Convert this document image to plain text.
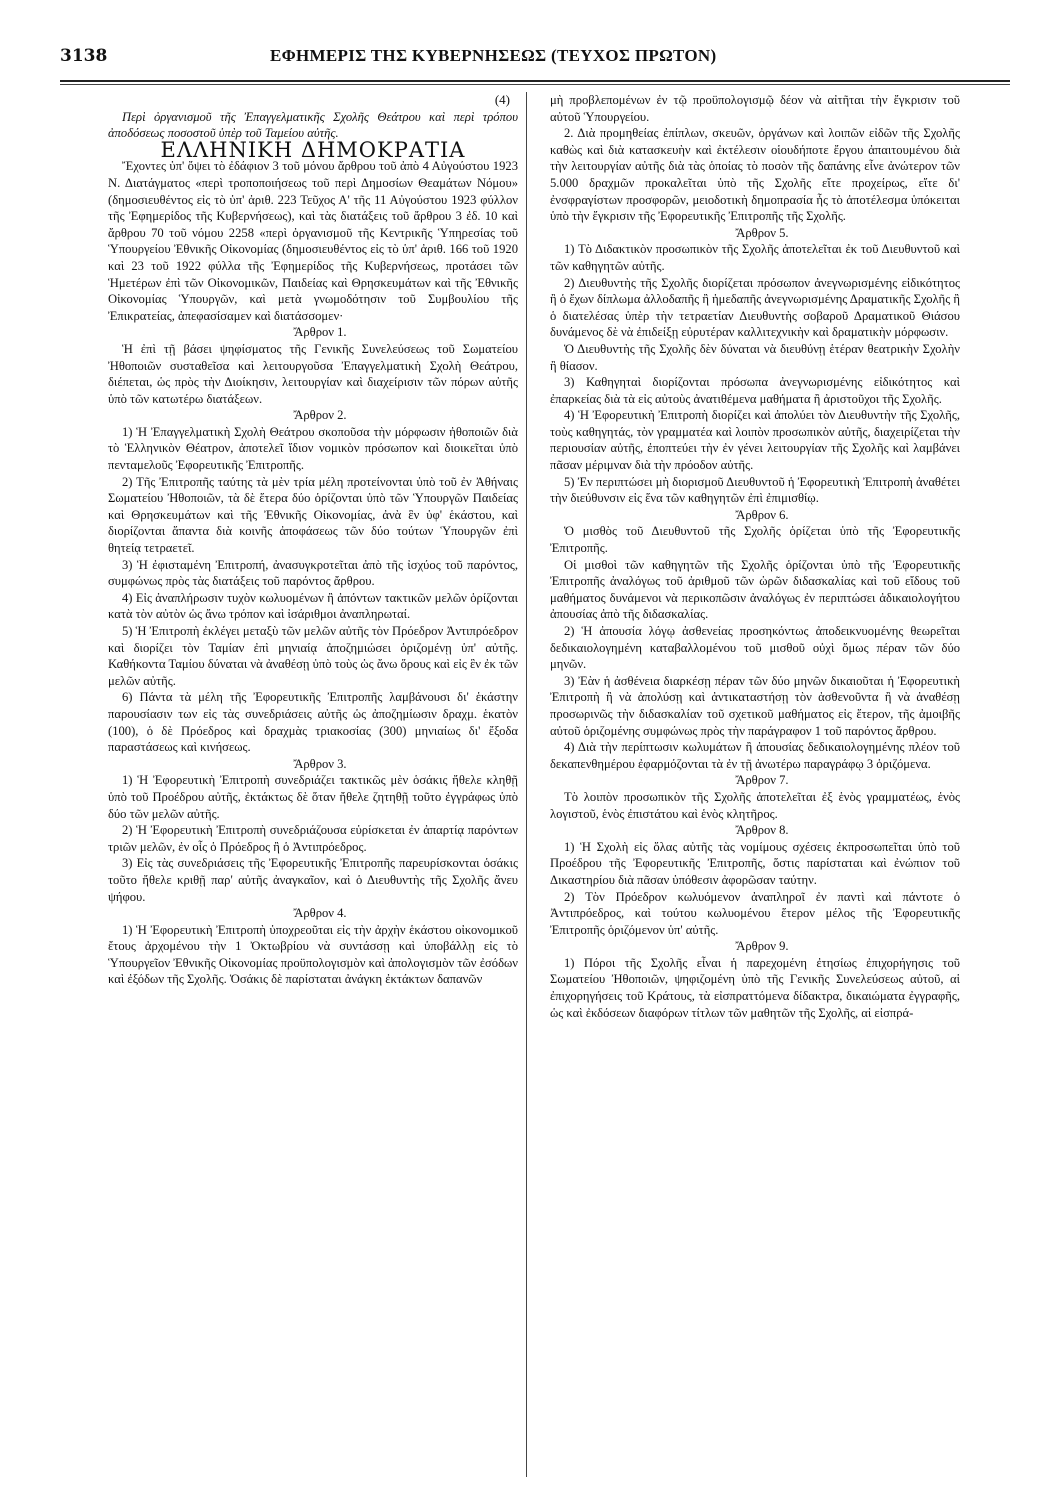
3138	ΕΦΗΜΕΡΙΣ ΤΗΣ ΚΥΒΕΡΝΗΣΕΩΣ (ΤΕΥΧΟΣ ΠΡΩΤΟΝ)

(4)

Περὶ ὀργανισμοῦ τῆς Ἐπαγγελματικῆς Σχολῆς Θεάτρου καὶ περὶ τρόπου ἀποδόσεως ποσοστοῦ ὑπὲρ τοῦ Ταμείου αὐτῆς.

ΕΛΛΗΝΙΚΗ ΔΗΜΟΚΡΑΤΙΑ

Ἔχοντες ὑπ' ὄψει τὸ ἐδάφιον 3 τοῦ μόνου ἄρθρου τοῦ ἀπὸ 4 Αὐγούστου 1923 Ν. Διατάγματος «περὶ τροποποιήσεως τοῦ περὶ Δημοσίων Θεαμάτων Νόμου» (δημοσιευθέντος εἰς τὸ ὑπ' ἀριθ. 223 Τεῦχος Α' τῆς 11 Αὐγούστου 1923 φύλλον τῆς Ἐφημερίδος τῆς Κυβερνήσεως), καὶ τὰς διατάξεις τοῦ ἄρθρου 3 ἐδ. 10 καὶ ἄρθρου 70 τοῦ νόμου 2258 «περὶ ὀργανισμοῦ τῆς Κεντρικῆς Ὑπηρεσίας τοῦ Ὑπουργείου Ἐθνικῆς Οἰκονομίας (δημοσιευθέντος εἰς τὸ ὑπ' ἀριθ. 166 τοῦ 1920 καὶ 23 τοῦ 1922 φύλλα τῆς Ἐφημερίδος τῆς Κυβερνήσεως, προτάσει τῶν Ἡμετέρων ἐπὶ τῶν Οἰκονομικῶν, Παιδείας καὶ Θρησκευμάτων καὶ τῆς Ἐθνικῆς Οἰκονομίας Ὑπουργῶν, καὶ μετὰ γνωμοδότησιν τοῦ Συμβουλίου τῆς Ἐπικρατείας, ἀπεφασίσαμεν καὶ διατάσσομεν·

Ἄρθρον 1.

Ἡ ἐπὶ τῇ βάσει ψηφίσματος τῆς Γενικῆς Συνελεύσεως τοῦ Σωματείου Ἠθοποιῶν συσταθεῖσα καὶ λειτουργοῦσα Ἐπαγγελματικὴ Σχολὴ Θεάτρου, διέπεται, ὡς πρὸς τὴν Διοίκησιν, λειτουργίαν καὶ διαχείρισιν τῶν πόρων αὐτῆς ὑπὸ τῶν κατωτέρω διατάξεων.

Ἄρθρον 2.

1) Ἡ Ἐπαγγελματικὴ Σχολὴ Θεάτρου σκοποῦσα τὴν μόρφωσιν ἠθοποιῶν διὰ τὸ Ἑλληνικὸν Θέατρον, ἀποτελεῖ ἴδιον νομικὸν πρόσωπον καὶ διοικεῖται ὑπὸ πενταμελοῦς Ἐφορευτικῆς Ἐπιτροπῆς.

2) Τῆς Ἐπιτροπῆς ταύτης τὰ μὲν τρία μέλη προτείνονται ὑπὸ τοῦ ἐν Ἀθήναις Σωματείου Ἠθοποιῶν, τὰ δὲ ἕτερα δύο ὁρίζονται ὑπὸ τῶν Ὑπουργῶν Παιδείας καὶ Θρησκευμάτων καὶ τῆς Ἐθνικῆς Οἰκονομίας, ἀνὰ ἓν ὑφ' ἑκάστου, καὶ διορίζονται ἅπαντα διὰ κοινῆς ἀποφάσεως τῶν δύο τούτων Ὑπουργῶν ἐπὶ θητείᾳ τετραετεῖ.

3) Ἡ ἐφισταμένη Ἐπιτροπή, ἀνασυγκροτεῖται ἀπὸ τῆς ἰσχύος τοῦ παρόντος, συμφώνως πρὸς τὰς διατάξεις τοῦ παρόντος ἄρθρου.

4) Εἰς ἀναπλήρωσιν τυχὸν κωλυομένων ἢ ἀπόντων τακτικῶν μελῶν ὁρίζονται κατὰ τὸν αὐτὸν ὡς ἄνω τρόπον καὶ ἰσάριθμοι ἀναπληρωταί.

5) Ἡ Ἐπιτροπὴ ἐκλέγει μεταξὺ τῶν μελῶν αὐτῆς τὸν Πρόεδρον Ἀντιπρόεδρον καὶ διορίζει τὸν Ταμίαν ἐπὶ μηνιαίᾳ ἀποζημιώσει ὁριζομένῃ ὑπ' αὐτῆς. Καθήκοντα Ταμίου δύναται νὰ ἀναθέσῃ ὑπὸ τοὺς ὡς ἄνω ὅρους καὶ εἰς ἓν ἐκ τῶν μελῶν αὐτῆς.

6) Πάντα τὰ μέλη τῆς Ἐφορευτικῆς Ἐπιτροπῆς λαμβάνουσι δι' ἑκάστην παρουσίασιν των εἰς τὰς συνεδριάσεις αὐτῆς ὡς ἀποζημίωσιν δραχμ. ἑκατὸν (100), ὁ δὲ Πρόεδρος καὶ δραχμὰς τριακοσίας (300) μηνιαίως δι' ἔξοδα παραστάσεως καὶ κινήσεως.

Ἄρθρον 3.

1) Ἡ Ἐφορευτικὴ Ἐπιτροπὴ συνεδριάζει τακτικῶς μὲν ὁσάκις ἤθελε κληθῇ ὑπὸ τοῦ Προέδρου αὐτῆς, ἐκτάκτως δὲ ὅταν ἤθελε ζητηθῇ τοῦτο ἐγγράφως ὑπὸ δύο τῶν μελῶν αὐτῆς.

2) Ἡ Ἐφορευτικὴ Ἐπιτροπὴ συνεδριάζουσα εὑρίσκεται ἐν ἀπαρτίᾳ παρόντων τριῶν μελῶν, ἐν οἷς ὁ Πρόεδρος ἢ ὁ Ἀντιπρόεδρος.

3) Εἰς τὰς συνεδριάσεις τῆς Ἐφορευτικῆς Ἐπιτροπῆς παρευρίσκονται ὁσάκις τοῦτο ἤθελε κριθῇ παρ' αὐτῆς ἀναγκαῖον, καὶ ὁ Διευθυντὴς τῆς Σχολῆς ἄνευ ψήφου.

Ἄρθρον 4.

1) Ἡ Ἐφορευτικὴ Ἐπιτροπὴ ὑποχρεοῦται εἰς τὴν ἀρχὴν ἑκάστου οἰκονομικοῦ ἔτους ἀρχομένου τὴν 1 Ὀκτωβρίου νὰ συντάσσῃ καὶ ὑποβάλλῃ εἰς τὸ Ὑπουργεῖον Ἐθνικῆς Οἰκονομίας προϋπολογισμὸν καὶ ἀπολογισμὸν τῶν ἐσόδων καὶ ἐξόδων τῆς Σχολῆς. Ὁσάκις δὲ παρίσταται ἀνάγκη ἐκτάκτων δαπανῶν

μὴ προβλεπομένων ἐν τῷ προϋπολογισμῷ δέον νὰ αἰτῆται τὴν ἔγκρισιν τοῦ αὐτοῦ Ὑπουργείου.

2. Διὰ προμηθείας ἐπίπλων, σκευῶν, ὀργάνων καὶ λοιπῶν εἰδῶν τῆς Σχολῆς καθὼς καὶ διὰ κατασκευὴν καὶ ἐκτέλεσιν οἱουδήποτε ἔργου ἀπαιτουμένου διὰ τὴν λειτουργίαν αὐτῆς διὰ τὰς ὁποίας τὸ ποσὸν τῆς δαπάνης εἶνε ἀνώτερον τῶν 5.000 δραχμῶν προκαλεῖται ὑπὸ τῆς Σχολῆς εἴτε προχείρως, εἴτε δι' ἐνσφραγίστων προσφορῶν, μειοδοτικὴ δημοπρασία ἧς τὸ ἀποτέλεσμα ὑπόκειται ὑπὸ τὴν ἔγκρισιν τῆς Ἐφορευτικῆς Ἐπιτροπῆς τῆς Σχολῆς.

Ἄρθρον 5.

1) Τὸ Διδακτικὸν προσωπικὸν τῆς Σχολῆς ἀποτελεῖται ἐκ τοῦ Διευθυντοῦ καὶ τῶν καθηγητῶν αὐτῆς.

2) Διευθυντὴς τῆς Σχολῆς διορίζεται πρόσωπον ἀνεγνωρισμένης εἰδικότητος ἢ ὁ ἔχων δίπλωμα ἀλλοδαπῆς ἢ ἡμεδαπῆς ἀνεγνωρισμένης Δραματικῆς Σχολῆς ἢ ὁ διατελέσας ὑπὲρ τὴν τετραετίαν Διευθυντὴς σοβαροῦ Δραματικοῦ Θιάσου δυνάμενος δὲ νὰ ἐπιδείξῃ εὐρυτέραν καλλιτεχνικὴν καὶ δραματικὴν μόρφωσιν.

Ὁ Διευθυντὴς τῆς Σχολῆς δὲν δύναται νὰ διευθύνῃ ἑτέραν θεατρικὴν Σχολὴν ἢ θίασον.

3) Καθηγηταὶ διορίζονται πρόσωπα ἀνεγνωρισμένης εἰδικότητος καὶ ἐπαρκείας διὰ τὰ εἰς αὐτοὺς ἀνατιθέμενα μαθήματα ἢ ἀριστοῦχοι τῆς Σχολῆς.

4) Ἡ Ἐφορευτικὴ Ἐπιτροπὴ διορίζει καὶ ἀπολύει τὸν Διευθυντὴν τῆς Σχολῆς, τοὺς καθηγητάς, τὸν γραμματέα καὶ λοιπὸν προσωπικὸν αὐτῆς, διαχειρίζεται τὴν περιουσίαν αὐτῆς, ἐποπτεύει τὴν ἐν γένει λειτουργίαν τῆς Σχολῆς καὶ λαμβάνει πᾶσαν μέριμναν διὰ τὴν πρόοδον αὐτῆς.

5) Ἐν περιπτώσει μὴ διορισμοῦ Διευθυντοῦ ἡ Ἐφορευτικὴ Ἐπιτροπὴ ἀναθέτει τὴν διεύθυνσιν εἰς ἕνα τῶν καθηγητῶν ἐπὶ ἐπιμισθίῳ.

Ἄρθρον 6.

Ὁ μισθὸς τοῦ Διευθυντοῦ τῆς Σχολῆς ὁρίζεται ὑπὸ τῆς Ἐφορευτικῆς Ἐπιτροπῆς.

Οἱ μισθοὶ τῶν καθηγητῶν τῆς Σχολῆς ὁρίζονται ὑπὸ τῆς Ἐφορευτικῆς Ἐπιτροπῆς ἀναλόγως τοῦ ἀριθμοῦ τῶν ὡρῶν διδασκαλίας καὶ τοῦ εἴδους τοῦ μαθήματος δυνάμενοι νὰ περικοπῶσιν ἀναλόγως ἐν περιπτώσει ἀδικαιολογήτου ἀπουσίας ἀπὸ τῆς διδασκαλίας.

2) Ἡ ἀπουσία λόγῳ ἀσθενείας προσηκόντως ἀποδεικνυομένης θεωρεῖται δεδικαιολογημένη καταβαλλομένου τοῦ μισθοῦ οὐχὶ ὅμως πέραν τῶν δύο μηνῶν.

3) Ἐὰν ἡ ἀσθένεια διαρκέσῃ πέραν τῶν δύο μηνῶν δικαιοῦται ἡ Ἐφορευτικὴ Ἐπιτροπὴ ἢ νὰ ἀπολύσῃ καὶ ἀντικαταστήσῃ τὸν ἀσθενοῦντα ἢ νὰ ἀναθέσῃ προσωρινῶς τὴν διδασκαλίαν τοῦ σχετικοῦ μαθήματος εἰς ἕτερον, τῆς ἀμοιβῆς αὐτοῦ ὁριζομένης συμφώνως πρὸς τὴν παράγραφον 1 τοῦ παρόντος ἄρθρου.

4) Διὰ τὴν περίπτωσιν κωλυμάτων ἢ ἀπουσίας δεδικαιολογημένης πλέον τοῦ δεκαπενθημέρου ἐφαρμόζονται τὰ ἐν τῇ ἀνωτέρω παραγράφῳ 3 ὁριζόμενα.

Ἄρθρον 7.

Τὸ λοιπὸν προσωπικὸν τῆς Σχολῆς ἀποτελεῖται ἐξ ἑνὸς γραμματέως, ἑνὸς λογιστοῦ, ἑνὸς ἐπιστάτου καὶ ἑνὸς κλητῆρος.

Ἄρθρον 8.

1) Ἡ Σχολὴ εἰς ὅλας αὐτῆς τὰς νομίμους σχέσεις ἐκπροσωπεῖται ὑπὸ τοῦ Προέδρου τῆς Ἐφορευτικῆς Ἐπιτροπῆς, ὅστις παρίσταται καὶ ἐνώπιον τοῦ Δικαστηρίου διὰ πᾶσαν ὑπόθεσιν ἀφορῶσαν ταύτην.

2) Τὸν Πρόεδρον κωλυόμενον ἀναπληροῖ ἐν παντὶ καὶ πάντοτε ὁ Ἀντιπρόεδρος, καὶ τούτου κωλυομένου ἕτερον μέλος τῆς Ἐφορευτικῆς Ἐπιτροπῆς ὁριζόμενον ὑπ' αὐτῆς.

Ἄρθρον 9.

1) Πόροι τῆς Σχολῆς εἶναι ἡ παρεχομένη ἐτησίως ἐπιχορήγησις τοῦ Σωματείου Ἠθοποιῶν, ψηφιζομένη ὑπὸ τῆς Γενικῆς Συνελεύσεως αὐτοῦ, αἱ ἐπιχορηγήσεις τοῦ Κράτους, τὰ εἰσπραττόμενα δίδακτρα, δικαιώματα ἐγγραφῆς, ὡς καὶ ἐκδόσεων διαφόρων τίτλων τῶν μαθητῶν τῆς Σχολῆς, αἱ εἰσπρά-
